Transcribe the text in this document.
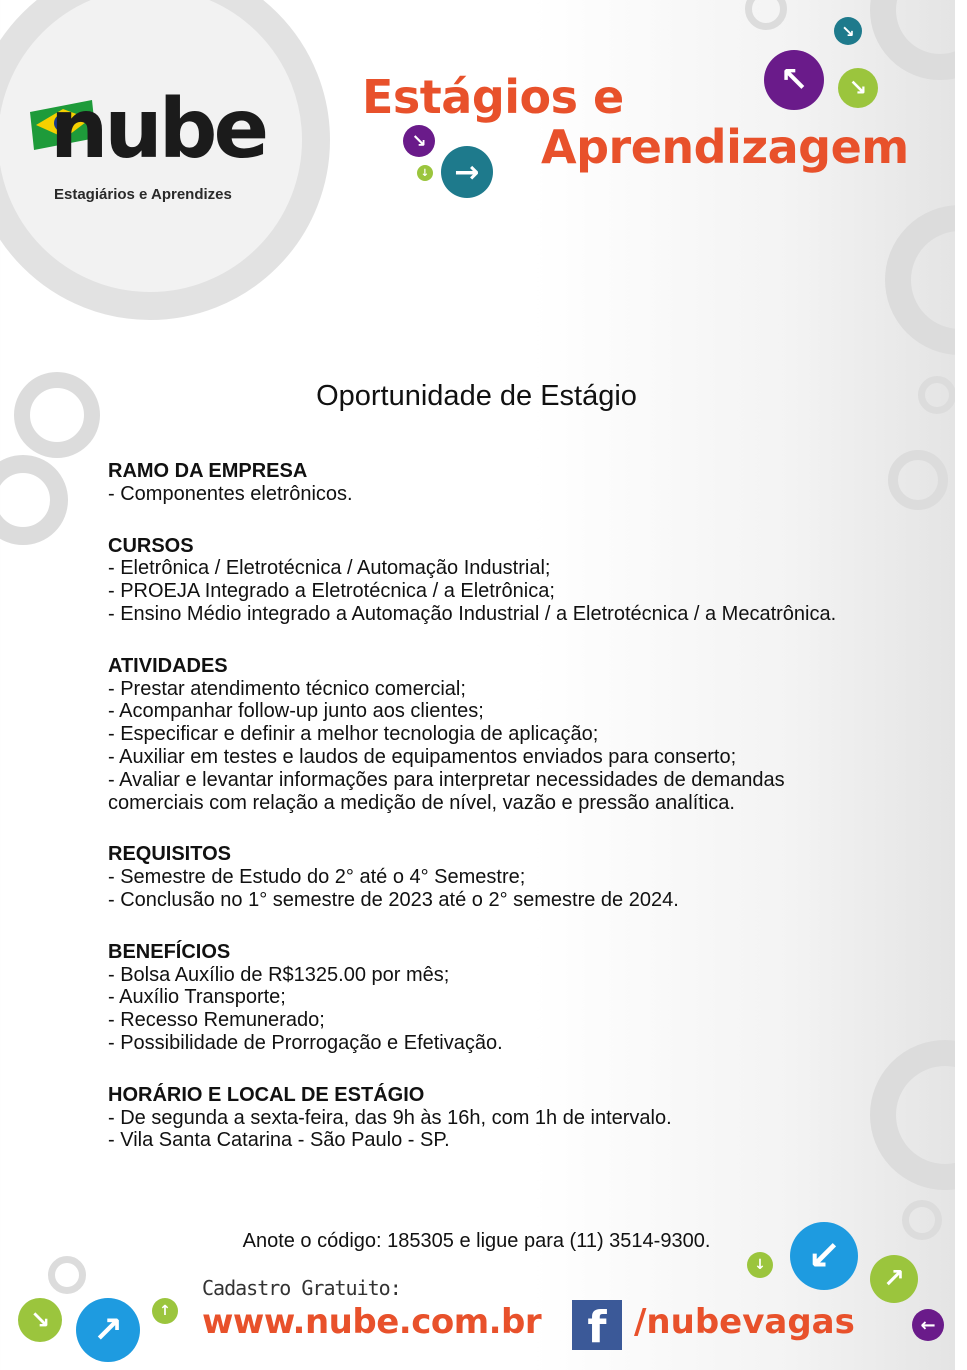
nube
Estagiários e Aprendizes
Estágios e
Aprendizagem
↘
↖	↘
↘
→
↓
Oportunidade de Estágio
RAMO DA EMPRESA
- Componentes eletrônicos.
CURSOS
- Eletrônica / Eletrotécnica / Automação Industrial;
- PROEJA Integrado a Eletrotécnica / a Eletrônica;
- Ensino Médio integrado a Automação Industrial / a Eletrotécnica / a Mecatrônica.
ATIVIDADES
- Prestar atendimento técnico comercial;
- Acompanhar follow-up junto aos clientes;
- Especificar e definir a melhor tecnologia de aplicação;
- Auxiliar em testes e laudos de equipamentos enviados para conserto;
- Avaliar e levantar informações para interpretar necessidades de demandas comerciais com relação a medição de nível, vazão e pressão analítica.
REQUISITOS
- Semestre de Estudo do 2° até o 4° Semestre;
- Conclusão no 1° semestre de 2023 até o 2° semestre de 2024.
BENEFÍCIOS
- Bolsa Auxílio de R$1325.00 por mês;
- Auxílio Transporte;
- Recesso Remunerado;
- Possibilidade de Prorrogação e Efetivação.
HORÁRIO E LOCAL DE ESTÁGIO
- De segunda a sexta-feira, das 9h às 16h, com 1h de intervalo.
- Vila Santa Catarina - São Paulo - SP.
Anote o código: 185305 e ligue para (11) 3514-9300.
Cadastro Gratuito:
www.nube.com.br	f /nubevagas
↘	↗	↑
↓	↙	↗
←
